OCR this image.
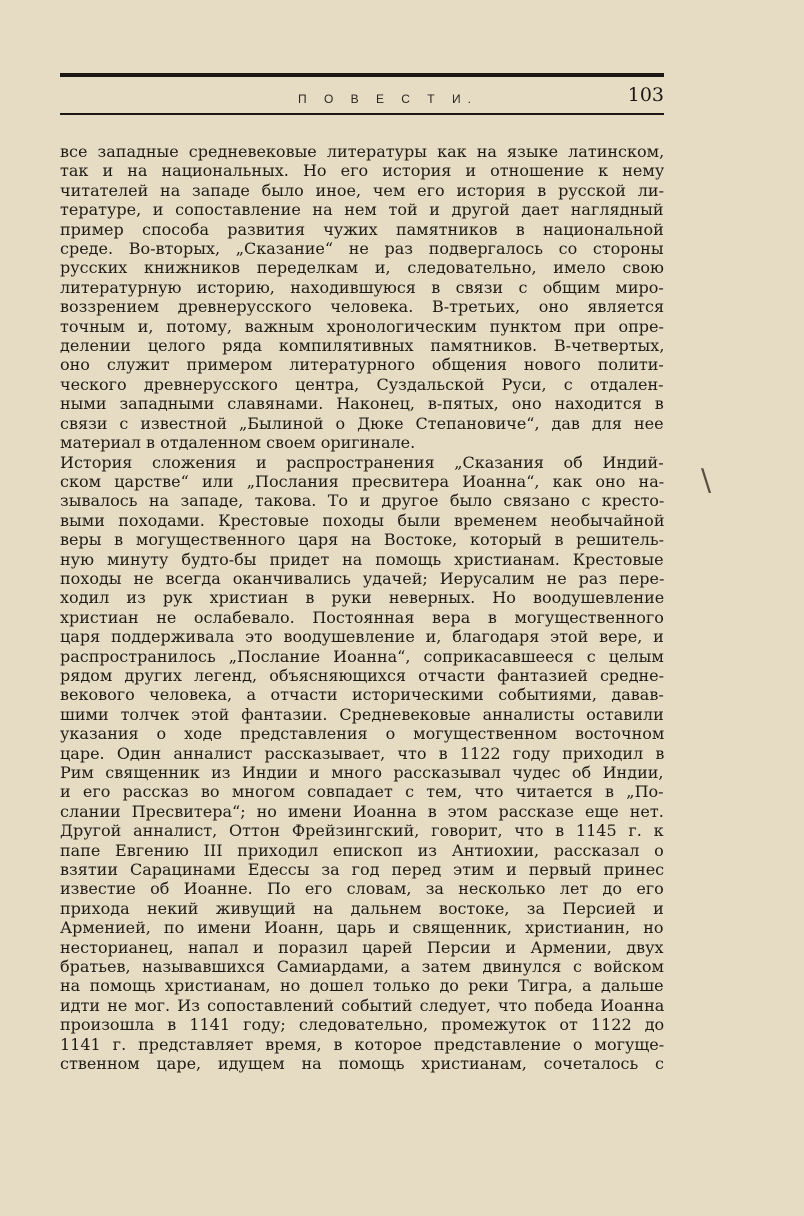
П О В Е С Т И.	103
все западные средневековые литературы как на языке латинском,
так и на национальных. Но его история и отношение к нему
читателей на западе было иное, чем его история в русской ли-
тературе, и сопоставление на нем той и другой дает наглядный
пример способа развития чужих памятников в национальной
среде. Во-вторых, „Сказание“ не раз подвергалось со стороны
русских книжников переделкам и, следовательно, имело свою
литературную историю, находившуюся в связи с общим миро-
воззрением древнерусского человека. В-третьих, оно является
точным и, потому, важным хронологическим пунктом при опре-
делении целого ряда компилятивных памятников. В-четвертых,
оно служит примером литературного общения нового полити-
ческого древнерусского центра, Суздальской Руси, с отдален-
ными западными славянами. Наконец, в-пятых, оно находится в
связи с известной „Былиной о Дюке Степановиче“, дав для нее
материал в отдаленном своем оригинале.
История сложения и распространения „Сказания об Индий-
ском царстве“ или „Послания пресвитера Иоанна“, как оно на-
зывалось на западе, такова. То и другое было связано с кресто-
выми походами. Крестовые походы были временем необычайной
веры в могущественного царя на Востоке, который в решитель-
ную минуту будто-бы придет на помощь христианам. Крестовые
походы не всегда оканчивались удачей; Иерусалим не раз пере-
ходил из рук христиан в руки неверных. Но воодушевление
христиан не ослабевало. Постоянная вера в могущественного
царя поддерживала это воодушевление и, благодаря этой вере, и
распространилось „Послание Иоанна“, соприкасавшееся с целым
рядом других легенд, объясняющихся отчасти фантазией средне-
векового человека, а отчасти историческими событиями, давав-
шими толчек этой фантазии. Средневековые анналисты оставили
указания о ходе представления о могущественном восточном
царе. Один анналист рассказывает, что в 1122 году приходил в
Рим священник из Индии и много рассказывал чудес об Индии,
и его рассказ во многом совпадает с тем, что читается в „По-
слании Пресвитера“; но имени Иоанна в этом рассказе еще нет.
Другой анналист, Оттон Фрейзингский, говорит, что в 1145 г. к
папе Евгению III приходил епископ из Антиохии, рассказал о
взятии Сарацинами Едессы за год перед этим и первый принес
известие об Иоанне. По его словам, за несколько лет до его
прихода некий живущий на дальнем востоке, за Персией и
Арменией, по имени Иоанн, царь и священник, христианин, но
несторианец, напал и поразил царей Персии и Армении, двух
братьев, называвшихся Самиардами, а затем двинулся с войском
на помощь христианам, но дошел только до реки Тигра, а дальше
идти не мог. Из сопоставлений событий следует, что победа Иоанна
произошла в 1141 году; следовательно, промежуток от 1122 до
1141 г. представляет время, в которое представление о могуще-
ственном царе, идущем на помощь христианам, сочеталось с
\
